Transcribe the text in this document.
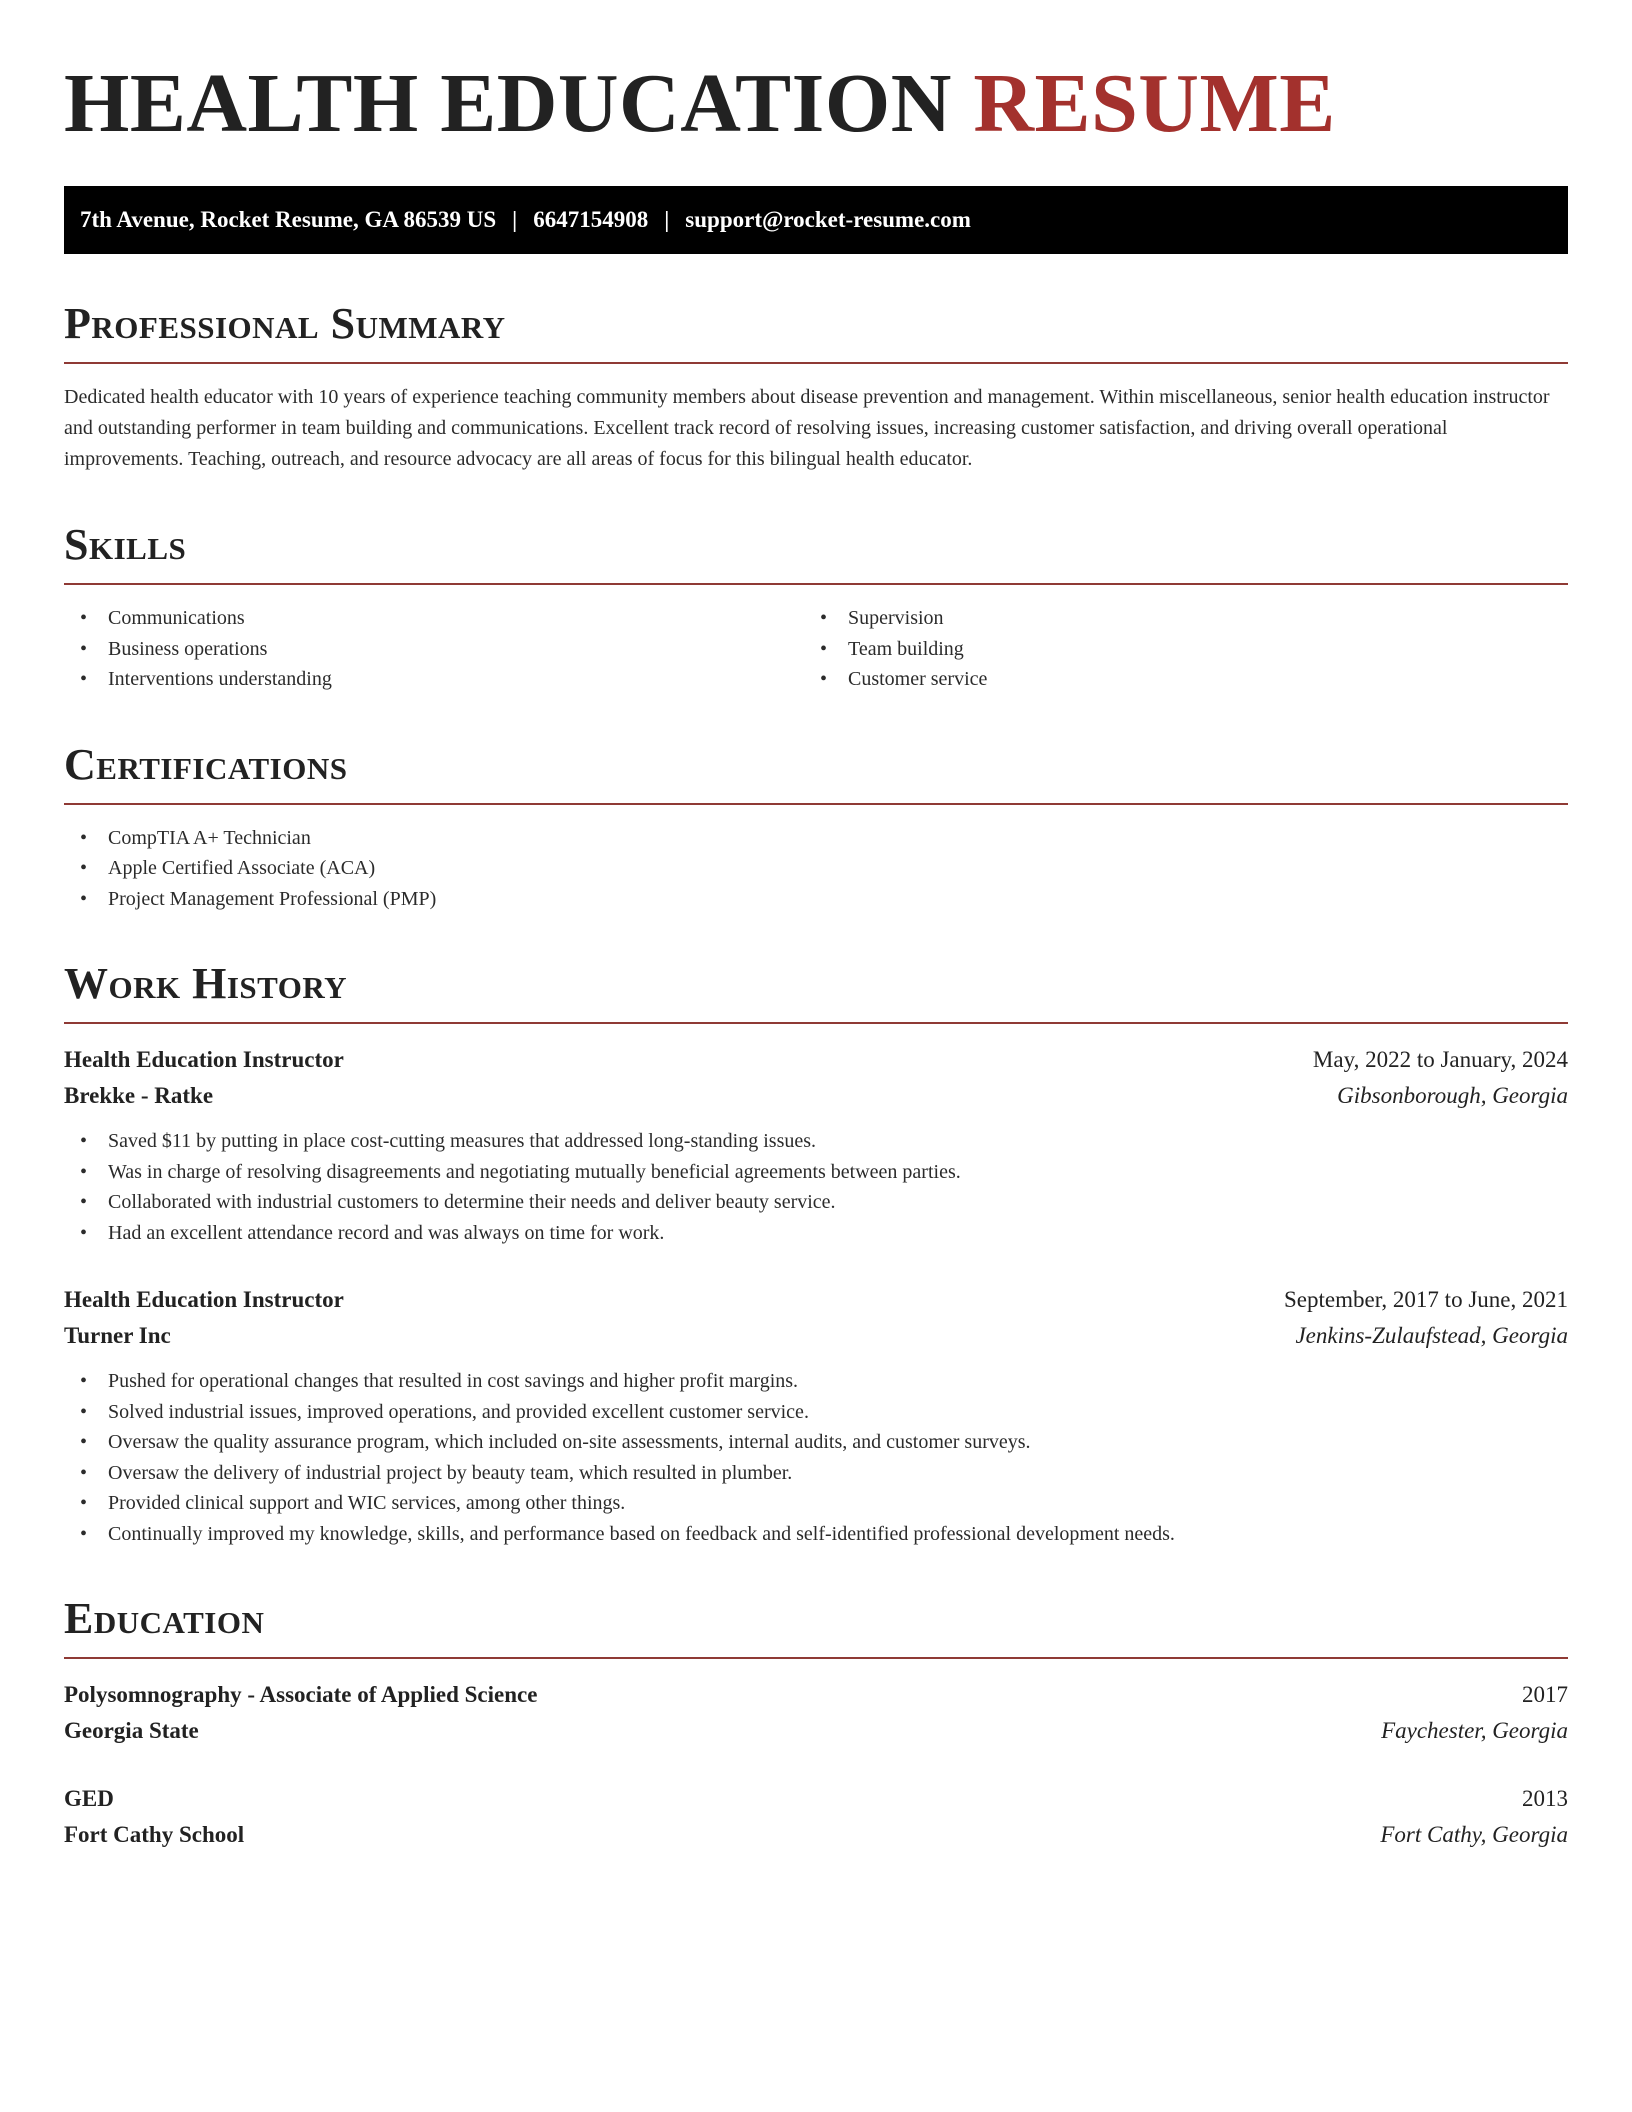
HEALTH EDUCATION RESUME
7th Avenue, Rocket Resume, GA 86539 US | 6647154908 | support@rocket-resume.com
Professional Summary

Dedicated health educator with 10 years of experience teaching community members about disease prevention and management. Within miscellaneous, senior health education instructor and outstanding performer in team building and communications. Excellent track record of resolving issues, increasing customer satisfaction, and driving overall operational improvements. Teaching, outreach, and resource advocacy are all areas of focus for this bilingual health educator.

Skills
• Communications
• Business operations
• Interventions understanding
• Supervision
• Team building
• Customer service
Certifications
• CompTIA A+ Technician
• Apple Certified Associate (ACA)
• Project Management Professional (PMP)
Work History
Health Education Instructor	May, 2022 to January, 2024
Brekke - Ratke	Gibsonborough, Georgia
• Saved $11 by putting in place cost-cutting measures that addressed long-standing issues.
• Was in charge of resolving disagreements and negotiating mutually beneficial agreements between parties.
• Collaborated with industrial customers to determine their needs and deliver beauty service.
• Had an excellent attendance record and was always on time for work.
Health Education Instructor	September, 2017 to June, 2021
Turner Inc	Jenkins-Zulaufstead, Georgia
• Pushed for operational changes that resulted in cost savings and higher profit margins.
• Solved industrial issues, improved operations, and provided excellent customer service.
• Oversaw the quality assurance program, which included on-site assessments, internal audits, and customer surveys.
• Oversaw the delivery of industrial project by beauty team, which resulted in plumber.
• Provided clinical support and WIC services, among other things.
• Continually improved my knowledge, skills, and performance based on feedback and self-identified professional development needs.
Education
Polysomnography - Associate of Applied Science	2017
Georgia State	Faychester, Georgia
GED	2013
Fort Cathy School	Fort Cathy, Georgia
